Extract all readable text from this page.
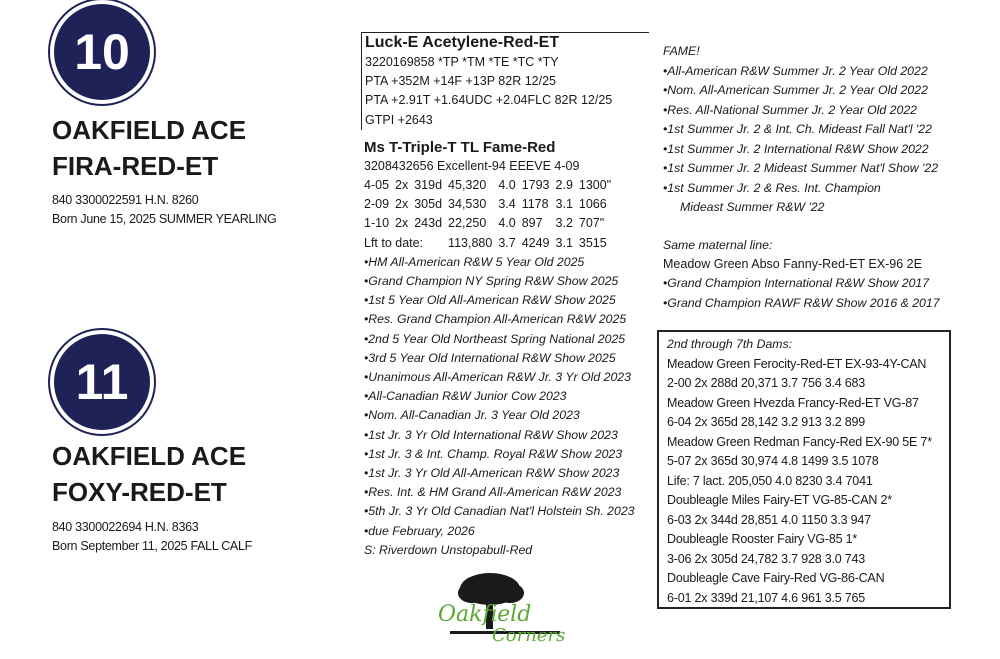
10
OAKFIELD ACE
FIRA-RED-ET
840 3300022591 H.N. 8260
Born June 15, 2025 SUMMER YEARLING
11
OAKFIELD ACE
FOXY-RED-ET
840 3300022694 H.N. 8363
Born September 11, 2025 FALL CALF
Luck-E Acetylene-Red-ET
3220169858 *TP *TM *TE *TC *TY
PTA +352M +14F +13P 82R 12/25
PTA +2.91T +1.64UDC +2.04FLC 82R 12/25
GTPI +2643
Ms T-Triple-T TL Fame-Red
3208432656 Excellent-94 EEEVE 4-09
4-05	2x	319d	45,320	4.0	1793	2.9	1300"
2-09	2x	305d	34,530	3.4	1178	3.1	1066
1-10	2x	243d	22,250	4.0	897	3.2	707"
Lft to date:			113,880	3.7	4249	3.1	3515
•HM All-American R&W 5 Year Old 2025
•Grand Champion NY Spring R&W Show 2025
•1st 5 Year Old All-American R&W Show 2025
•Res. Grand Champion All-American R&W 2025
•2nd 5 Year Old Northeast Spring National 2025
•3rd 5 Year Old International R&W Show 2025
•Unanimous All-American R&W Jr. 3 Yr Old 2023
•All-Canadian R&W Junior Cow 2023
•Nom. All-Canadian Jr. 3 Year Old 2023
•1st Jr. 3 Yr Old International R&W Show 2023
•1st Jr. 3 & Int. Champ. Royal R&W Show 2023
•1st Jr. 3 Yr Old All-American R&W Show 2023
•Res. Int. & HM Grand All-American R&W 2023
•5th Jr. 3 Yr Old Canadian Nat'l Holstein Sh. 2023
•due February, 2026
S: Riverdown Unstopabull-Red
FAME!
•All-American R&W Summer Jr. 2 Year Old 2022
•Nom. All-American Summer Jr. 2 Year Old 2022
•Res. All-National Summer Jr. 2 Year Old 2022
•1st Summer Jr. 2 & Int. Ch. Mideast Fall Nat'l '22
•1st Summer Jr. 2 International R&W Show 2022
•1st Summer Jr. 2 Mideast Summer Nat'l Show '22
•1st Summer Jr. 2 & Res. Int. Champion
Mideast Summer R&W '22
Same maternal line:
Meadow Green Abso Fanny-Red-ET EX-96 2E
•Grand Champion International R&W Show 2017
•Grand Champion RAWF R&W Show 2016 & 2017
2nd through 7th Dams:
Meadow Green Ferocity-Red-ET EX-93-4Y-CAN
2-00 2x 288d 20,371 3.7 756 3.4 683
Meadow Green Hvezda Francy-Red-ET VG-87
6-04 2x 365d 28,142 3.2 913 3.2 899
Meadow Green Redman Fancy-Red EX-90 5E 7*
5-07 2x 365d 30,974 4.8 1499 3.5 1078
Life: 7 lact. 205,050 4.0 8230 3.4 7041
Doubleagle Miles Fairy-ET VG-85-CAN 2*
6-03 2x 344d 28,851 4.0 1150 3.3 947
Doubleagle Rooster Fairy VG-85 1*
3-06 2x 305d 24,782 3.7 928 3.0 743
Doubleagle Cave Fairy-Red VG-86-CAN
6-01 2x 339d 21,107 4.6 961 3.5 765
Oakfield
Corners
